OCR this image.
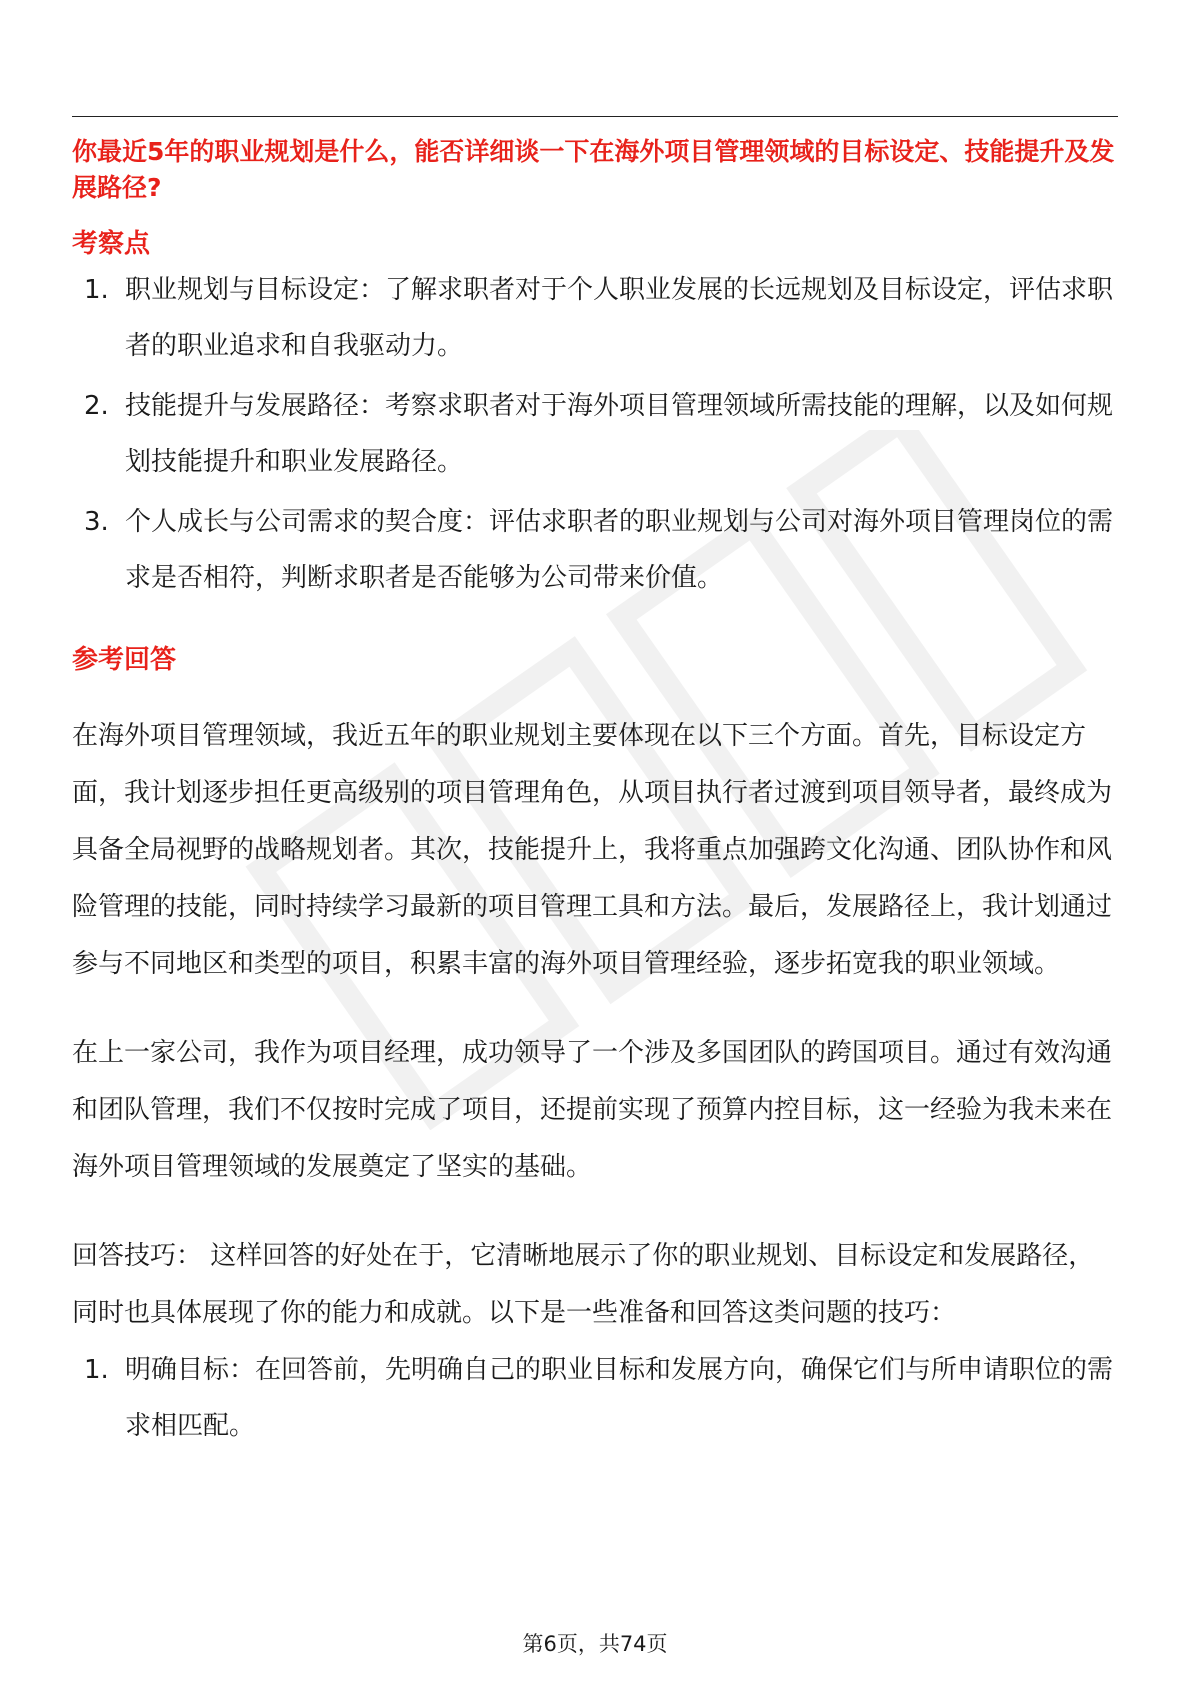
你最近5年的职业规划是什么，能否详细谈一下在海外项目管理领域的目标设定、技能提升及发展路径?
考察点
1. 职业规划与目标设定：了解求职者对于个人职业发展的长远规划及目标设定，评估求职者的职业追求和自我驱动力。
2. 技能提升与发展路径：考察求职者对于海外项目管理领域所需技能的理解，以及如何规划技能提升和职业发展路径。
3. 个人成长与公司需求的契合度：评估求职者的职业规划与公司对海外项目管理岗位的需求是否相符，判断求职者是否能够为公司带来价值。
参考回答

在海外项目管理领域，我近五年的职业规划主要体现在以下三个方面。首先，目标设定方面，我计划逐步担任更高级别的项目管理角色，从项目执行者过渡到项目领导者，最终成为具备全局视野的战略规划者。其次，技能提升上，我将重点加强跨文化沟通、团队协作和风险管理的技能，同时持续学习最新的项目管理工具和方法。最后，发展路径上，我计划通过参与不同地区和类型的项目，积累丰富的海外项目管理经验，逐步拓宽我的职业领域。

在上一家公司，我作为项目经理，成功领导了一个涉及多国团队的跨国项目。通过有效沟通和团队管理，我们不仅按时完成了项目，还提前实现了预算内控目标，这一经验为我未来在海外项目管理领域的发展奠定了坚实的基础。

回答技巧： 这样回答的好处在于，它清晰地展示了你的职业规划、目标设定和发展路径，同时也具体展现了你的能力和成就。以下是一些准备和回答这类问题的技巧：

1. 明确目标：在回答前，先明确自己的职业目标和发展方向，确保它们与所申请职位的需求相匹配。
第6页，共74页
